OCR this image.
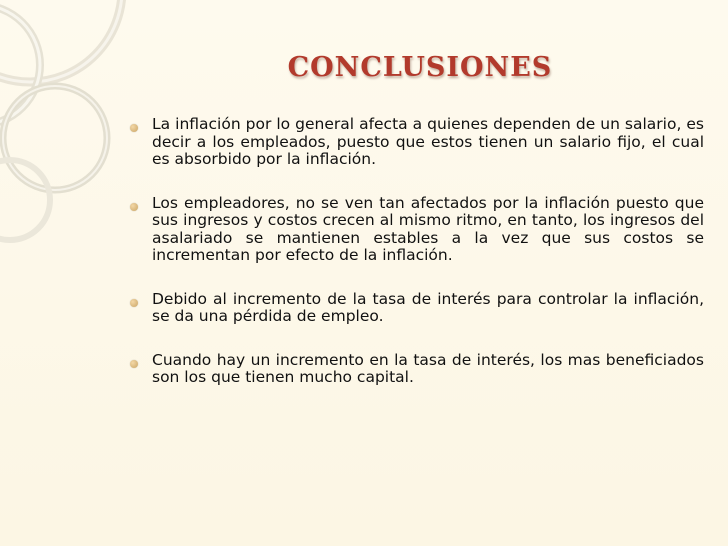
conclusiones
La inflación por lo general afecta a quienes dependen de un salario, es decir a los empleados, puesto que estos tienen un salario fijo, el cual es absorbido por la inflación.
Los empleadores, no se ven tan afectados por la inflación puesto que sus ingresos y costos crecen al mismo ritmo, en tanto, los ingresos del asalariado se mantienen estables a la vez que sus costos se incrementan por efecto de la inflación.
Debido al incremento de la tasa de interés para controlar la inflación, se da una pérdida de empleo.
Cuando hay un incremento en la tasa de interés, los mas beneficiados son los que tienen mucho capital.
